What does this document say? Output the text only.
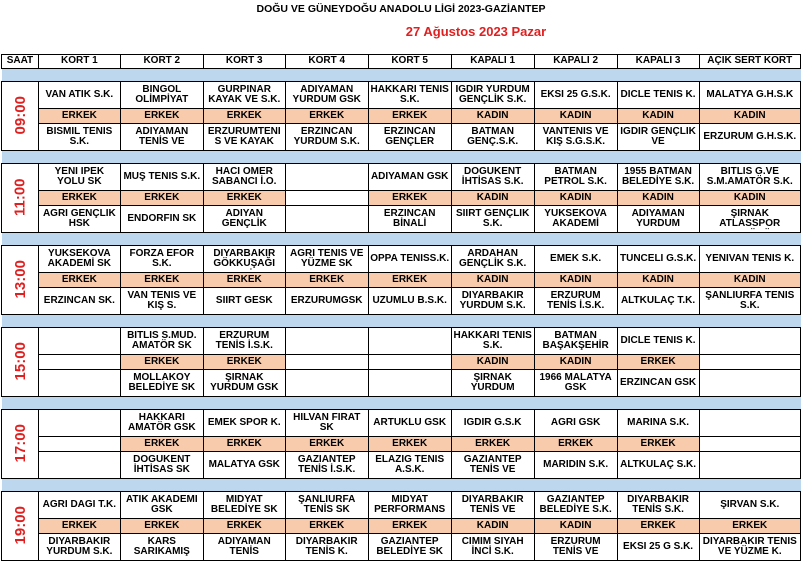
DOĞU VE GÜNEYDOĞU ANADOLU LİGİ 2023-GAZİANTEP
27 Ağustos 2023 Pazar
SAAT	KORT 1	KORT 2	KORT 3	KORT 4	KORT 5	KAPALI 1	KAPALI 2	KAPALI 3	AÇIK SERT KORT

09:00	VAN ATİK S.K.	BİNGÖL OLİMPİYAT	GÜRPINAR KAYAK VE S.K.	ADIYAMAN YURDUM GSK	HAKKARİ TENİS S.K.	IĞDIR YURDUM GENÇLİK S.K.	EKSİ 25 G.S.K.	DİCLE TENİS K.	MALATYA G.H.S.K

	ERKEK	ERKEK	ERKEK	ERKEK	ERKEK	KADIN	KADIN	KADIN	KADIN

	BİSMİL TENİS S.K.	ADIYAMAN TENİS VE	ERZURUMTENİS VE KAYAK	ERZİNCAN YURDUM S.K.	ERZİNCAN GENÇLER	BATMAN GENÇ.S.K.	VANTENİS VE KIŞ S.G.S.K.	IĞDIR GENÇLİK VE	ERZURUM G.H.S.K.

11:00	YENİ İPEK YOLU SK	MUŞ TENİS S.K.	HACI ÖMER SABANCI İ.O.		ADIYAMAN GSK	DOĞUKENT İHTİSAS S.K.	BATMAN PETROL S.K.	1955 BATMAN BELEDİYE S.K.	BİTLİS G.VE S.M.AMATÖR S.K.

	ERKEK	ERKEK	ERKEK		ERKEK	KADIN	KADIN	KADIN	KADIN

	AĞRI GENÇLİK HSK	ENDORFİN SK	ADIYAN GENÇLİK		ERZİNCAN BİNALİ	SİİRT GENÇLİK S.K.	YÜKSEKOVA AKADEMİ	ADIYAMAN YURDUM	ŞIRNAK ATLASSPOR

13:00	YÜKSEKOVA AKADEMİ SK	FORZA EFOR S.K.	DİYARBAKIR GÖKKUŞAĞI	AĞRI TENİS VE YÜZME SK	OPPA TENİSS.K.	ARDAHAN GENÇLİK S.K.	EMEK S.K.	TUNCELİ G.S.K.	YENİVAN TENİS K.

	ERKEK	ERKEK	ERKEK	ERKEK	ERKEK	KADIN	KADIN	KADIN	KADIN

	ERZİNCAN SK.	VAN TENİS VE KIŞ S.	SİİRT GESK	ERZURUMGSK	ÜZÜMLÜ B.S.K.	DİYARBAKIR YURDUM S.K.	ERZURUM TENİS İ.S.K.	ALTKULAÇ T.K.	ŞANLIURFA TENİS S.K.

15:00		BİTLİS S.MÜD. AMATÖR SK	ERZURUM TENİS İ.S.K.			HAKKARİ TENİS S.K.	BATMAN BAŞAKŞEHİR	DİCLE TENİS K.	

		ERKEK	ERKEK			KADIN	KADIN	ERKEK	

		MOLLAKÖY BELEDİYE SK	ŞIRNAK YURDUM GSK			ŞIRNAK YURDUM	1966 MALATYA GSK	ERZİNCAN GSK	

17:00		HAKKARİ AMATÖR GSK	EMEK SPOR K.	HİLVAN FIRAT SK	ARTUKLU GSK	IĞDIR G.S.K	AĞRI GSK	MARİNA S.K.	

		ERKEK	ERKEK	ERKEK	ERKEK	ERKEK	ERKEK	ERKEK	

		DOĞUKENT İHTİSAS SK	MALATYA GSK	GAZİANTEP TENİS İ.S.K.	ELAZIĞ TENİS A.S.K.	GAZİANTEP TENİS VE	MARİDİN S.K.	ALTKULAÇ S.K.	

19:00	AĞRI DAĞI T.K.	ATİK AKADEMİ GSK	MİDYAT BELEDİYE SK	ŞANLIURFA TENİS SK	MİDYAT PERFORMANS	DİYARBAKIR TENİS VE	GAZİANTEP BELEDİYE S.K.	DİYARBAKIR TENİS S.K.	ŞİRVAN S.K.

	ERKEK	ERKEK	ERKEK	ERKEK	ERKEK	KADIN	KADIN	ERKEK	ERKEK

	DİYARBAKIR YURDUM S.K.	KARS SARIKAMIŞ	ADIYAMAN TENİS	DİYARBAKIR TENİS K.	GAZİANTEP BELEDİYE SK	CİMİM SİYAH İNCİ S.K.	ERZURUM TENİS VE	EKSİ 25 G S.K.	DİYARBAKIR TENİS VE YÜZME K.
